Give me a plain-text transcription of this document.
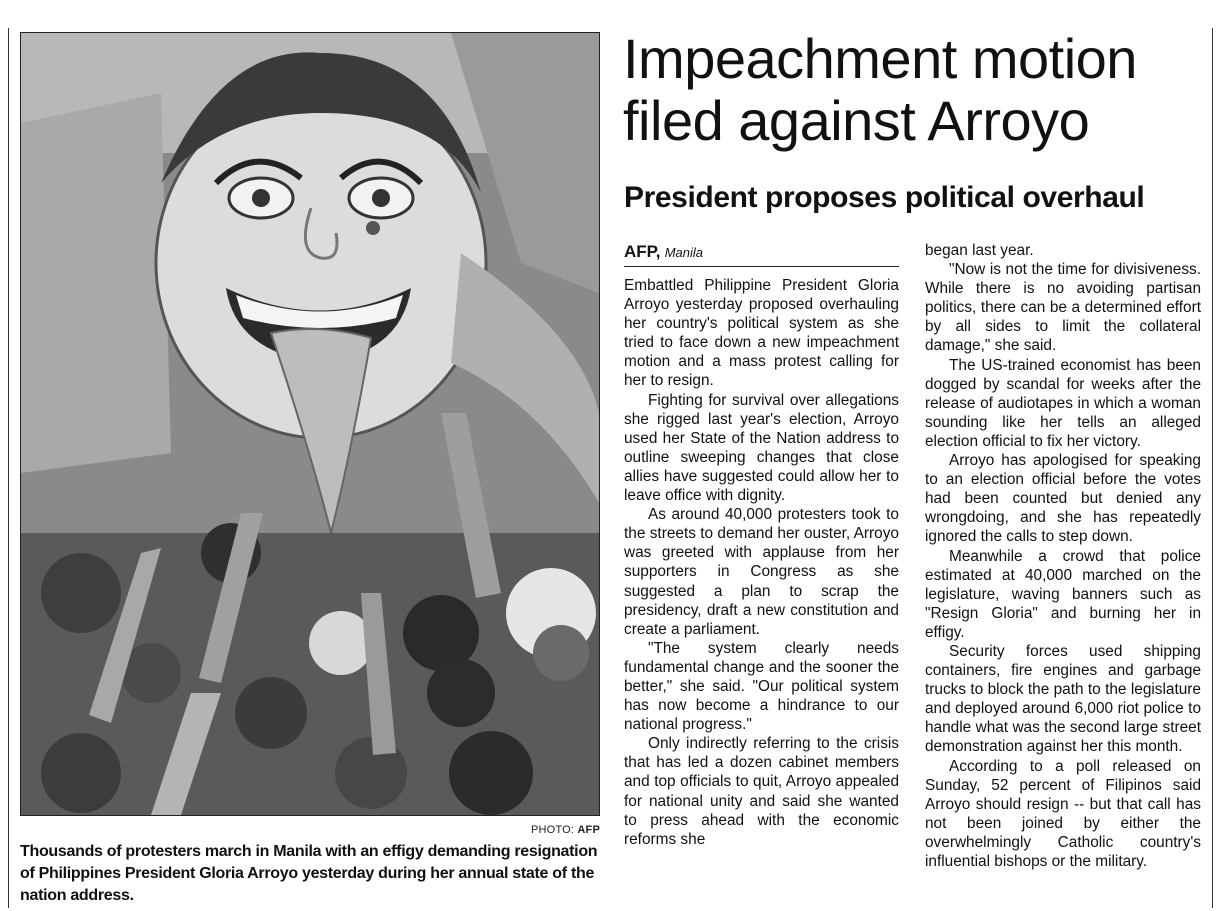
PHOTO: AFP
Thousands of protesters march in Manila with an effigy demanding resignation of Philippines President Gloria Arroyo yesterday during her annual state of the nation address.
Impeachment motion filed against Arroyo
President proposes political overhaul
AFP, Manila

Embattled Philippine President Gloria Arroyo yesterday proposed overhauling her country's political system as she tried to face down a new impeachment motion and a mass protest calling for her to resign.

Fighting for survival over allegations she rigged last year's election, Arroyo used her State of the Nation address to outline sweeping changes that close allies have suggested could allow her to leave office with dignity.

As around 40,000 protesters took to the streets to demand her ouster, Arroyo was greeted with applause from her supporters in Congress as she suggested a plan to scrap the presidency, draft a new constitution and create a parliament.

"The system clearly needs fundamental change and the sooner the better," she said. "Our political system has now become a hindrance to our national progress."

Only indirectly referring to the crisis that has led a dozen cabinet members and top officials to quit, Arroyo appealed for national unity and said she wanted to press ahead with the economic reforms she

began last year.

"Now is not the time for divisiveness. While there is no avoiding partisan politics, there can be a determined effort by all sides to limit the collateral damage," she said.

The US-trained economist has been dogged by scandal for weeks after the release of audiotapes in which a woman sounding like her tells an alleged election official to fix her victory.

Arroyo has apologised for speaking to an election official before the votes had been counted but denied any wrongdoing, and she has repeatedly ignored the calls to step down.

Meanwhile a crowd that police estimated at 40,000 marched on the legislature, waving banners such as "Resign Gloria" and burning her in effigy.

Security forces used shipping containers, fire engines and garbage trucks to block the path to the legislature and deployed around 6,000 riot police to handle what was the second large street demonstration against her this month.

According to a poll released on Sunday, 52 percent of Filipinos said Arroyo should resign -- but that call has not been joined by either the overwhelmingly Catholic country's influential bishops or the military.
